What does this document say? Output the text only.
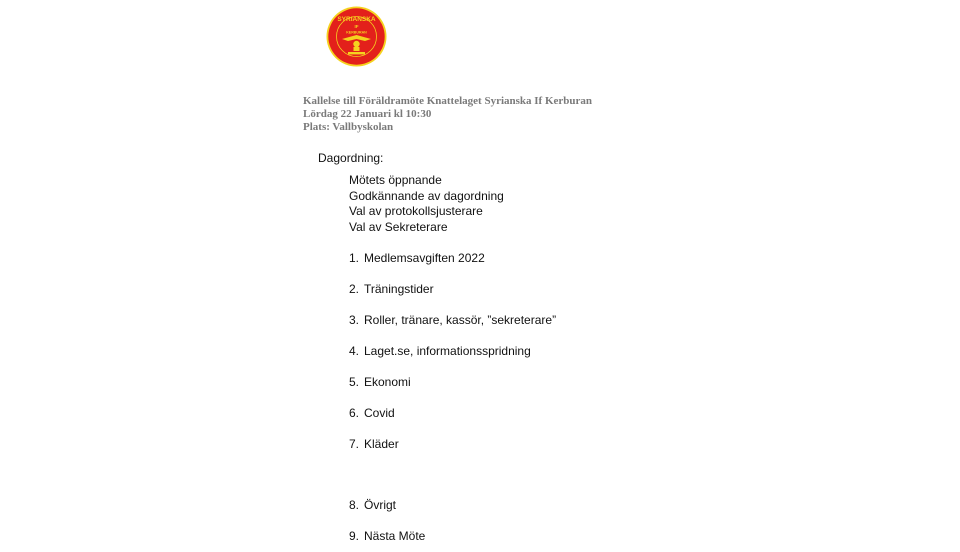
SYRIANSKA
IF
KERBURAN
Kallelse till Föräldramöte Knattelaget Syrianska If Kerburan
Lördag 22 Januari kl 10:30
Plats: Vallbyskolan
Dagordning:
Mötets öppnande
Godkännande av dagordning
Val av protokollsjusterare
Val av Sekreterare
1. Medlemsavgiften 2022
2. Träningstider
3. Roller, tränare, kassör, ”sekreterare”
4. Laget.se, informationsspridning
5. Ekonomi
6. Covid
7. Kläder
8. Övrigt
9. Nästa Möte
